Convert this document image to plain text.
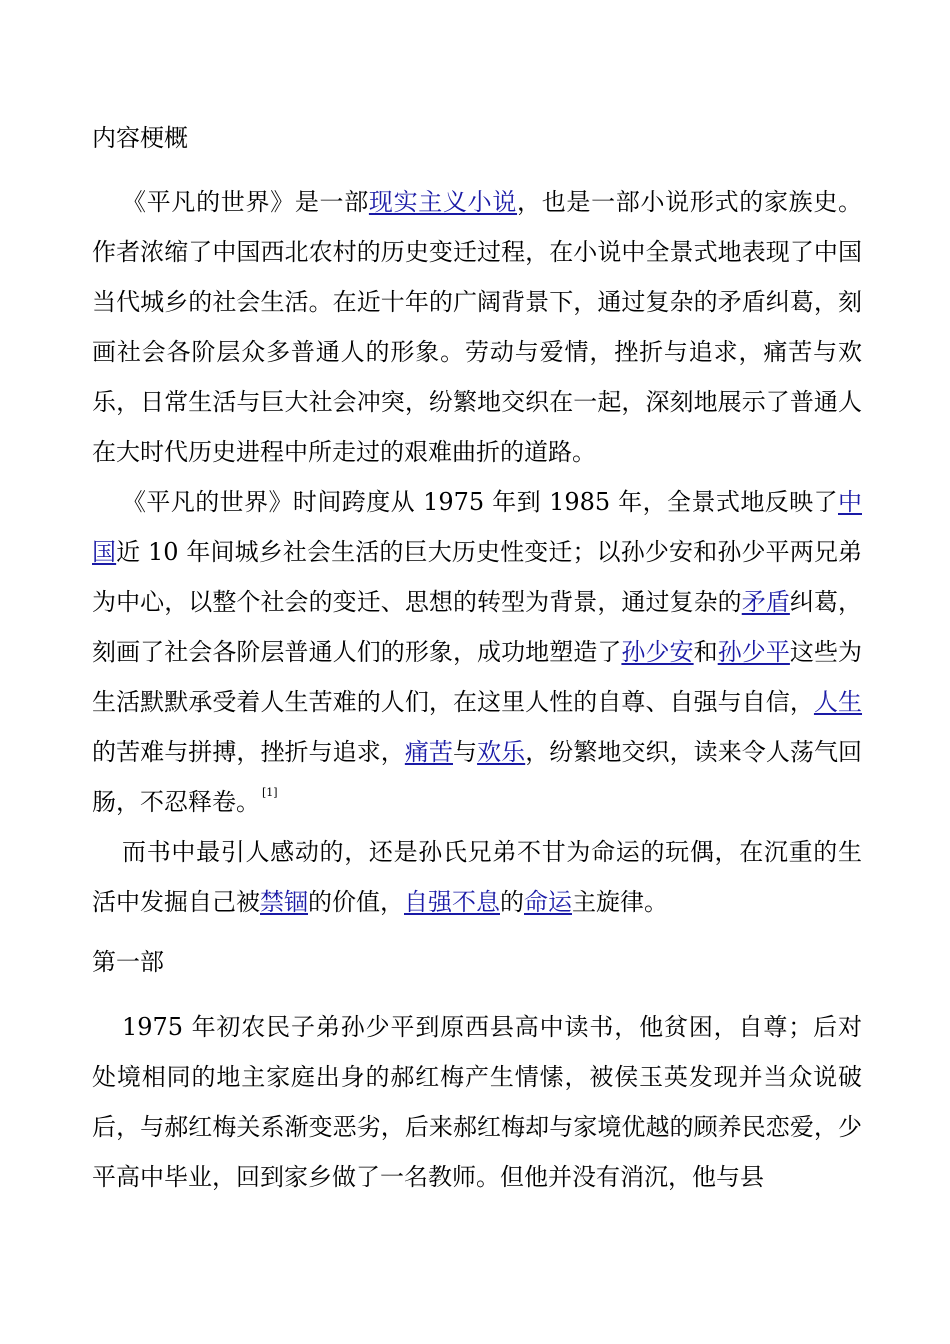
内容梗概

《平凡的世界》是一部现实主义小说，也是一部小说形式的家族史。作者浓缩了中国西北农村的历史变迁过程，在小说中全景式地表现了中国当代城乡的社会生活。在近十年的广阔背景下，通过复杂的矛盾纠葛，刻画社会各阶层众多普通人的形象。劳动与爱情，挫折与追求，痛苦与欢乐，日常生活与巨大社会冲突，纷繁地交织在一起，深刻地展示了普通人在大时代历史进程中所走过的艰难曲折的道路。

《平凡的世界》时间跨度从 1975 年到 1985 年，全景式地反映了中国近 10 年间城乡社会生活的巨大历史性变迁；以孙少安和孙少平两兄弟为中心，以整个社会的变迁、思想的转型为背景，通过复杂的矛盾纠葛，刻画了社会各阶层普通人们的形象，成功地塑造了孙少安和孙少平这些为生活默默承受着人生苦难的人们，在这里人性的自尊、自强与自信，人生的苦难与拼搏，挫折与追求，痛苦与欢乐，纷繁地交织，读来令人荡气回肠，不忍释卷。 [1]

而书中最引人感动的，还是孙氏兄弟不甘为命运的玩偶，在沉重的生活中发掘自己被禁锢的价值，自强不息的命运主旋律。

第一部

1975 年初农民子弟孙少平到原西县高中读书，他贫困，自尊；后对处境相同的地主家庭出身的郝红梅产生情愫，被侯玉英发现并当众说破后，与郝红梅关系渐变恶劣，后来郝红梅却与家境优越的顾养民恋爱，少平高中毕业，回到家乡做了一名教师。但他并没有消沉，他与县
